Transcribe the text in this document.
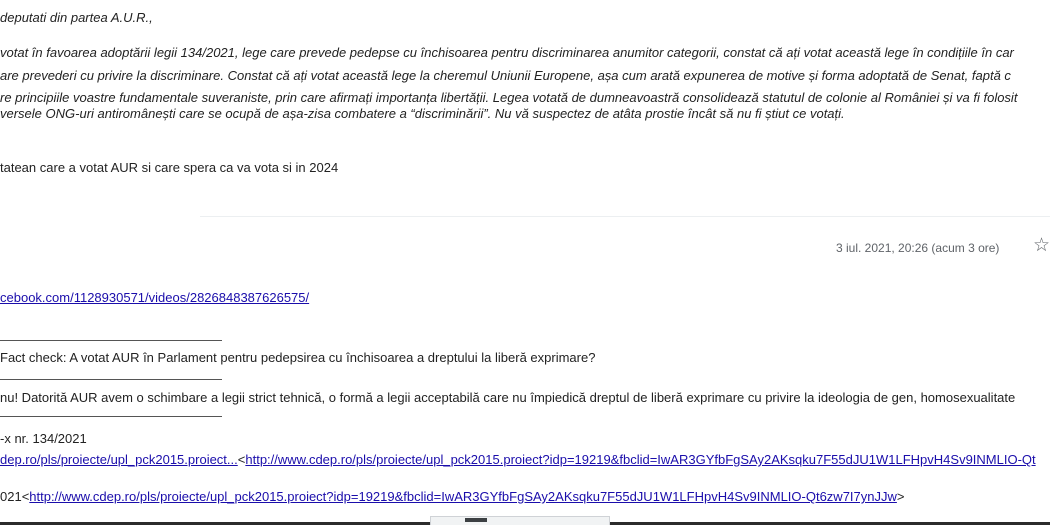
deputati din partea A.U.R.,
votat în favoarea adoptării legii 134/2021, lege care prevede pedepse cu închisoarea pentru discriminarea anumitor categorii, constat că ați votat această lege în condițiile în car
are prevederi cu privire la discriminare. Constat că ați votat această lege la cheremul Uniunii Europene, așa cum arată expunerea de motive și forma adoptată de Senat, faptă c
re principiile voastre fundamentale suveraniste, prin care afirmați importanța libertății. Legea votată de dumneavoastră consolidează statutul de colonie al României și va fi folosit
versele ONG-uri antiromânești care se ocupă de așa-zisa combatere a “discriminării”. Nu vă suspectez de atâta prostie încât să nu fi știut ce votați.
tatean care a votat AUR si care spera ca va vota si in 2024
3 iul. 2021, 20:26 (acum 3 ore) ☆
cebook.com/1128930571/videos/2826848387626575/
Fact check: A votat AUR în Parlament pentru pedepsirea cu închisoarea a dreptului la liberă exprimare?
nu! Datorită AUR avem o schimbare a legii strict tehnică, o formă a legii acceptabilă care nu împiedică dreptul de liberă exprimare cu privire la ideologia de gen, homosexualitate
-x nr. 134/2021
dep.ro/pls/proiecte/upl_pck2015.proiect...<http://www.cdep.ro/pls/proiecte/upl_pck2015.proiect?idp=19219&fbclid=IwAR3GYfbFgSAy2AKsqku7F55dJU1W1LFHpvH4Sv9INMLIO-Qt
021<http://www.cdep.ro/pls/proiecte/upl_pck2015.proiect?idp=19219&fbclid=IwAR3GYfbFgSAy2AKsqku7F55dJU1W1LFHpvH4Sv9INMLIO-Qt6zw7I7ynJJw>
